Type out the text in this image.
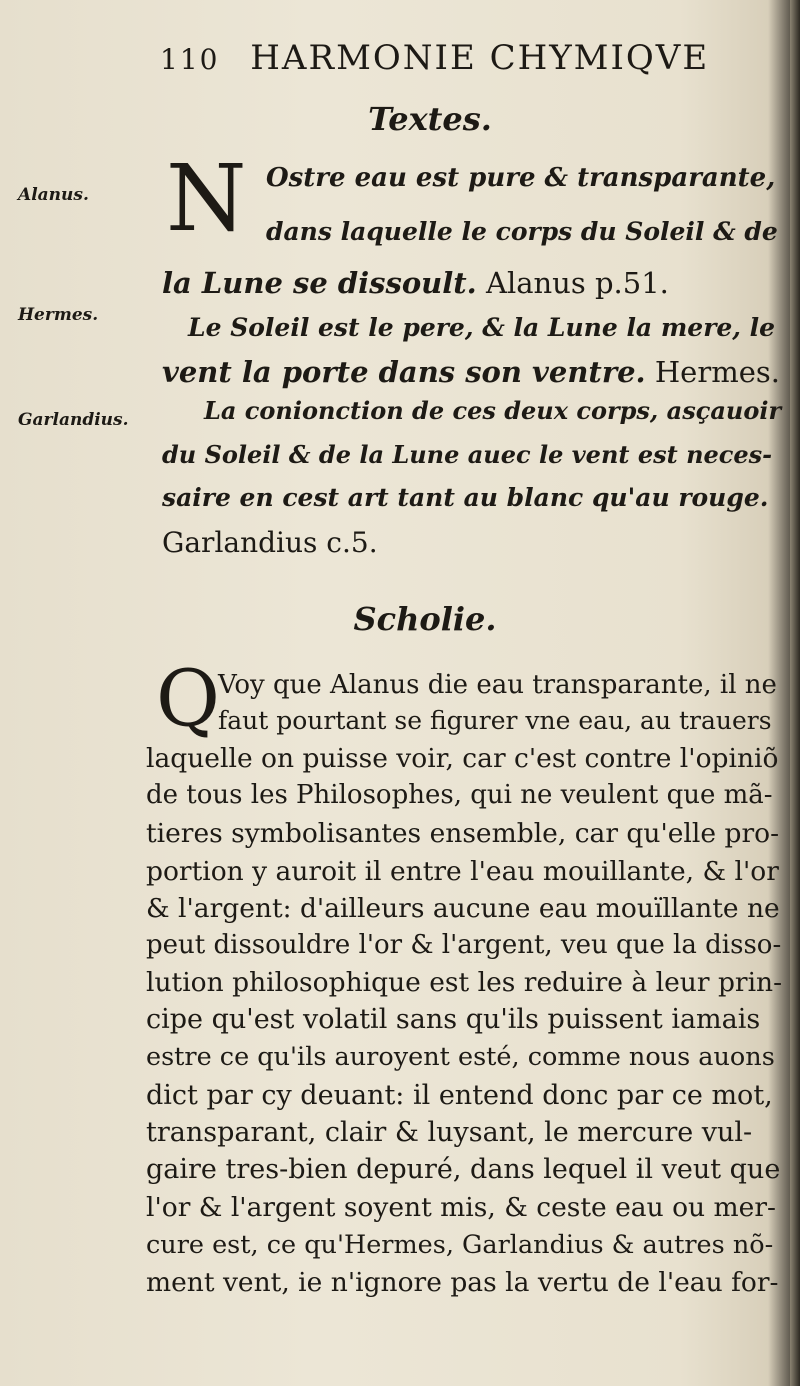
110 HARMONIE CHYMIQVE
Textes.
Alanus.
Hermes.
Garlandius.
N Ostre eau est pure & transparante,
dans laquelle le corps du Soleil & de
la Lune se dissoult. Alanus p.51.
Le Soleil est le pere, & la Lune la mere, le
vent la porte dans son ventre. Hermes.
La conionction de ces deux corps, asçauoir
du Soleil & de la Lune auec le vent est neces-
saire en cest art tant au blanc qu'au rouge.
Garlandius c.5.
Scholie.
Q
Voy que Alanus die eau transparante, il ne
faut pourtant se figurer vne eau, au trauers
laquelle on puisse voir, car c'est contre l'opiniõ
de tous les Philosophes, qui ne veulent que mã-
tieres symbolisantes ensemble, car qu'elle pro-
portion y auroit il entre l'eau mouillante, & l'or
& l'argent: d'ailleurs aucune eau mouïllante ne
peut dissouldre l'or & l'argent, veu que la disso-
lution philosophique est les reduire à leur prin-
cipe qu'est volatil sans qu'ils puissent iamais
estre ce qu'ils auroyent esté, comme nous auons
dict par cy deuant: il entend donc par ce mot,
transparant, clair & luysant, le mercure vul-
gaire tres-bien depuré, dans lequel il veut que
l'or & l'argent soyent mis, & ceste eau ou mer-
cure est, ce qu'Hermes, Garlandius & autres nõ-
ment vent, ie n'ignore pas la vertu de l'eau for-
